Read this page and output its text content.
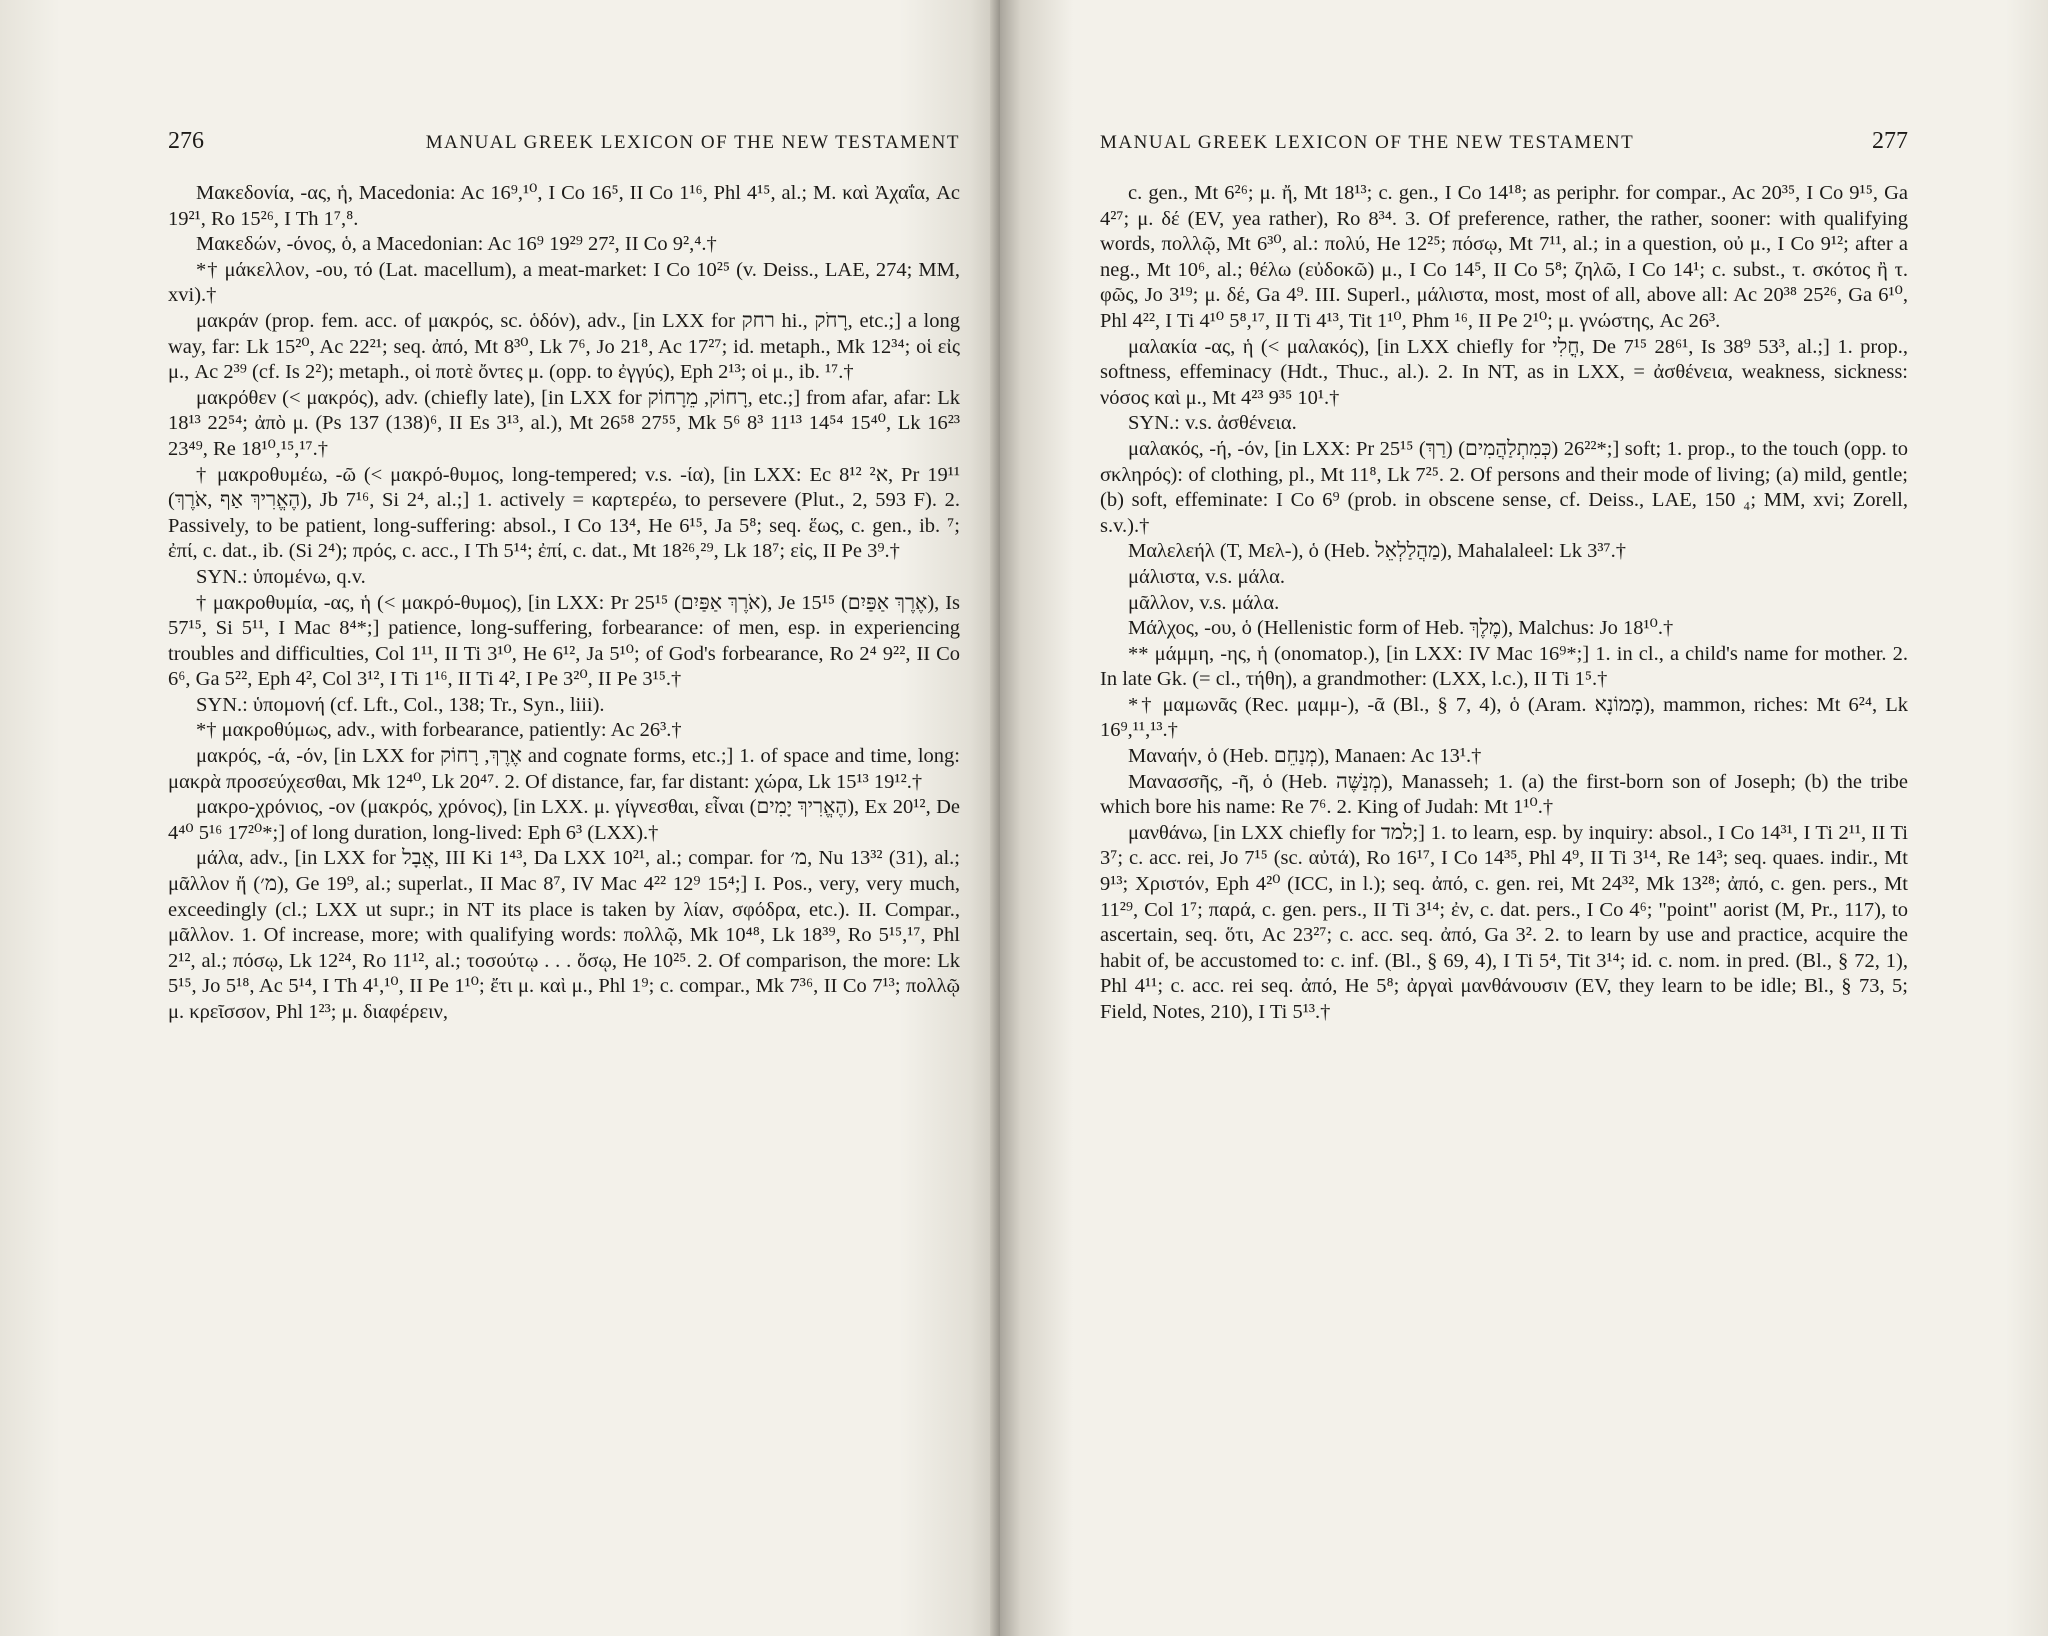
276	MANUAL GREEK LEXICON OF THE NEW TESTAMENT

Μακεδονία, -ας, ἡ, Macedonia: Ac 16⁹,¹⁰, I Co 16⁵, II Co 1¹⁶, Phl 4¹⁵, al.; M. καὶ Ἀχαΐα, Ac 19²¹, Ro 15²⁶, I Th 1⁷,⁸.

Μακεδών, -όνος, ὁ, a Macedonian: Ac 16⁹ 19²⁹ 27², II Co 9²,⁴.†

*† μάκελλον, -ου, τό (Lat. macellum), a meat-market: I Co 10²⁵ (v. Deiss., LAE, 274; MM, xvi).†

μακράν (prop. fem. acc. of μακρός, sc. ὁδόν), adv., [in LXX for רחק hi., רָחֹק, etc.;] a long way, far: Lk 15²⁰, Ac 22²¹; seq. ἀπό, Mt 8³⁰, Lk 7⁶, Jo 21⁸, Ac 17²⁷; id. metaph., Mk 12³⁴; οἱ εἰς μ., Ac 2³⁹ (cf. Is 2²); metaph., οἱ ποτὲ ὄντες μ. (opp. to ἐγγύς), Eph 2¹³; οἱ μ., ib. ¹⁷.†

μακρόθεν (< μακρός), adv. (chiefly late), [in LXX for רָחוֹק, מֵרָחוֹק, etc.;] from afar, afar: Lk 18¹³ 22⁵⁴; ἀπὸ μ. (Ps 137 (138)⁶, II Es 3¹³, al.), Mt 26⁵⁸ 27⁵⁵, Mk 5⁶ 8³ 11¹³ 14⁵⁴ 15⁴⁰, Lk 16²³ 23⁴⁹, Re 18¹⁰,¹⁵,¹⁷.†

† μακροθυμέω, -ῶ (< μακρό-θυμος, long-tempered; v.s. -ία), [in LXX: Ec 8¹² א², Pr 19¹¹ (הֶאֱרִיךְ אַף ,אֹרֶךְ), Jb 7¹⁶, Si 2⁴, al.;] 1. actively = καρτερέω, to persevere (Plut., 2, 593 F). 2. Passively, to be patient, long-suffering: absol., I Co 13⁴, He 6¹⁵, Ja 5⁸; seq. ἕως, c. gen., ib. ⁷; ἐπί, c. dat., ib. (Si 2⁴); πρός, c. acc., I Th 5¹⁴; ἐπί, c. dat., Mt 18²⁶,²⁹, Lk 18⁷; εἰς, II Pe 3⁹.†

SYN.: ὑπομένω, q.v.

† μακροθυμία, -ας, ἡ (< μακρό-θυμος), [in LXX: Pr 25¹⁵ (אֹרֶךְ אַפַּיִם), Je 15¹⁵ (אֶרֶךְ אַפַּיִם), Is 57¹⁵, Si 5¹¹, I Mac 8⁴*;] patience, long-suffering, forbearance: of men, esp. in experiencing troubles and difficulties, Col 1¹¹, II Ti 3¹⁰, He 6¹², Ja 5¹⁰; of God's forbearance, Ro 2⁴ 9²², II Co 6⁶, Ga 5²², Eph 4², Col 3¹², I Ti 1¹⁶, II Ti 4², I Pe 3²⁰, II Pe 3¹⁵.†

SYN.: ὑπομονή (cf. Lft., Col., 138; Tr., Syn., liii).

*† μακροθύμως, adv., with forbearance, patiently: Ac 26³.†

μακρός, -ά, -όν, [in LXX for אֶרֶךְ, רָחוֹק and cognate forms, etc.;] 1. of space and time, long: μακρὰ προσεύχεσθαι, Mk 12⁴⁰, Lk 20⁴⁷. 2. Of distance, far, far distant: χώρα, Lk 15¹³ 19¹².†

μακρο-χρόνιος, -ον (μακρός, χρόνος), [in LXX. μ. γίγνεσθαι, εἶναι (הֶאֱרִיךְ יָמִים), Ex 20¹², De 4⁴⁰ 5¹⁶ 17²⁰*;] of long duration, long-lived: Eph 6³ (LXX).†

μάλα, adv., [in LXX for אֲבָל, III Ki 1⁴³, Da LXX 10²¹, al.; compar. for מ׳, Nu 13³² (31), al.; μᾶλλον ἤ (מ׳), Ge 19⁹, al.; superlat., II Mac 8⁷, IV Mac 4²² 12⁹ 15⁴;] I. Pos., very, very much, exceedingly (cl.; LXX ut supr.; in NT its place is taken by λίαν, σφόδρα, etc.). II. Compar., μᾶλλον. 1. Of increase, more; with qualifying words: πολλῷ, Mk 10⁴⁸, Lk 18³⁹, Ro 5¹⁵,¹⁷, Phl 2¹², al.; πόσῳ, Lk 12²⁴, Ro 11¹², al.; τοσούτῳ . . . ὅσῳ, He 10²⁵. 2. Of comparison, the more: Lk 5¹⁵, Jo 5¹⁸, Ac 5¹⁴, I Th 4¹,¹⁰, II Pe 1¹⁰; ἔτι μ. καὶ μ., Phl 1⁹; c. compar., Mk 7³⁶, II Co 7¹³; πολλῷ μ. κρεῖσσον, Phl 1²³; μ. διαφέρειν,

MANUAL GREEK LEXICON OF THE NEW TESTAMENT	277

c. gen., Mt 6²⁶; μ. ἤ, Mt 18¹³; c. gen., I Co 14¹⁸; as periphr. for compar., Ac 20³⁵, I Co 9¹⁵, Ga 4²⁷; μ. δέ (EV, yea rather), Ro 8³⁴. 3. Of preference, rather, the rather, sooner: with qualifying words, πολλῷ, Mt 6³⁰, al.: πολύ, He 12²⁵; πόσῳ, Mt 7¹¹, al.; in a question, οὐ μ., I Co 9¹²; after a neg., Mt 10⁶, al.; θέλω (εὐδοκῶ) μ., I Co 14⁵, II Co 5⁸; ζηλῶ, I Co 14¹; c. subst., τ. σκότος ἢ τ. φῶς, Jo 3¹⁹; μ. δέ, Ga 4⁹. III. Superl., μάλιστα, most, most of all, above all: Ac 20³⁸ 25²⁶, Ga 6¹⁰, Phl 4²², I Ti 4¹⁰ 5⁸,¹⁷, II Ti 4¹³, Tit 1¹⁰, Phm ¹⁶, II Pe 2¹⁰; μ. γνώστης, Ac 26³.

μαλακία -ας, ἡ (< μαλακός), [in LXX chiefly for חֳלִי, De 7¹⁵ 28⁶¹, Is 38⁹ 53³, al.;] 1. prop., softness, effeminacy (Hdt., Thuc., al.). 2. In NT, as in LXX, = ἀσθένεια, weakness, sickness: νόσος καὶ μ., Mt 4²³ 9³⁵ 10¹.†

SYN.: v.s. ἀσθένεια.

μαλακός, -ή, -όν, [in LXX: Pr 25¹⁵ (רַךְ) 26²² (כְּמִתְלַהֲמִים)*;] soft; 1. prop., to the touch (opp. to σκληρός): of clothing, pl., Mt 11⁸, Lk 7²⁵. 2. Of persons and their mode of living; (a) mild, gentle; (b) soft, effeminate: I Co 6⁹ (prob. in obscene sense, cf. Deiss., LAE, 150 ₄; MM, xvi; Zorell, s.v.).†

Μαλελεήλ (T, Μελ-), ὁ (Heb. מַהֲלַלְאֵל), Mahalaleel: Lk 3³⁷.†

μάλιστα, v.s. μάλα.

μᾶλλον, v.s. μάλα.

Μάλχος, -ου, ὁ (Hellenistic form of Heb. מֶלֶךְ), Malchus: Jo 18¹⁰.†

** μάμμη, -ης, ἡ (onomatop.), [in LXX: IV Mac 16⁹*;] 1. in cl., a child's name for mother. 2. In late Gk. (= cl., τήθη), a grandmother: (LXX, l.c.), II Ti 1⁵.†

*† μαμωνᾶς (Rec. μαμμ-), -ᾶ (Bl., § 7, 4), ὁ (Aram. מָמוֹנָא), mammon, riches: Mt 6²⁴, Lk 16⁹,¹¹,¹³.†

Μαναήν, ὁ (Heb. מְנַחֵם), Manaen: Ac 13¹.†

Μανασσῆς, -ῆ, ὁ (Heb. מְנַשֶּׁה), Manasseh; 1. (a) the first-born son of Joseph; (b) the tribe which bore his name: Re 7⁶. 2. King of Judah: Mt 1¹⁰.†

μανθάνω, [in LXX chiefly for למד;] 1. to learn, esp. by inquiry: absol., I Co 14³¹, I Ti 2¹¹, II Ti 3⁷; c. acc. rei, Jo 7¹⁵ (sc. αὐτά), Ro 16¹⁷, I Co 14³⁵, Phl 4⁹, II Ti 3¹⁴, Re 14³; seq. quaes. indir., Mt 9¹³; Χριστόν, Eph 4²⁰ (ICC, in l.); seq. ἀπό, c. gen. rei, Mt 24³², Mk 13²⁸; ἀπό, c. gen. pers., Mt 11²⁹, Col 1⁷; παρά, c. gen. pers., II Ti 3¹⁴; ἐν, c. dat. pers., I Co 4⁶; "point" aorist (M, Pr., 117), to ascertain, seq. ὅτι, Ac 23²⁷; c. acc. seq. ἀπό, Ga 3². 2. to learn by use and practice, acquire the habit of, be accustomed to: c. inf. (Bl., § 69, 4), I Ti 5⁴, Tit 3¹⁴; id. c. nom. in pred. (Bl., § 72, 1), Phl 4¹¹; c. acc. rei seq. ἀπό, He 5⁸; ἀργαὶ μανθάνουσιν (EV, they learn to be idle; Bl., § 73, 5; Field, Notes, 210), I Ti 5¹³.†
